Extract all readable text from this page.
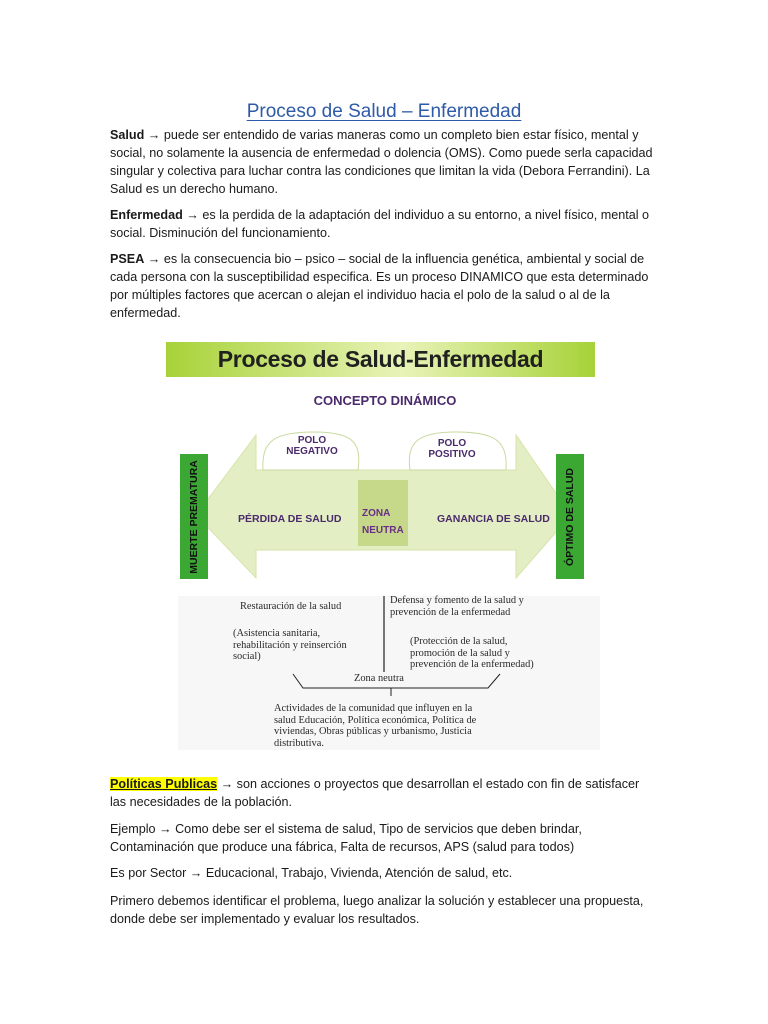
Proceso de Salud – Enfermedad
Salud → puede ser entendido de varias maneras como un completo bien estar físico, mental y social, no solamente la ausencia de enfermedad o dolencia (OMS). Como puede serla capacidad singular y colectiva para luchar contra las condiciones que limitan la vida (Debora Ferrandini). La Salud es un derecho humano.
Enfermedad → es la perdida de la adaptación del individuo a su entorno, a nivel físico, mental o social. Disminución del funcionamiento.
PSEA → es la consecuencia bio – psico – social de la influencia genética, ambiental y social de cada persona con la susceptibilidad especifica. Es un proceso DINAMICO que esta determinado por múltiples factores que acercan o alejan el individuo hacia el polo de la salud o al de la enfermedad.
Proceso de Salud-Enfermedad
CONCEPTO DINÁMICO
MUERTE PREMATURA	ÓPTIMO DE SALUD
POLO
NEGATIVO
POLO
POSITIVO
ZONA
NEUTRA
PÉRDIDA DE SALUD	GANANCIA DE SALUD
Restauración de la salud
(Asistencia sanitaria,
rehabilitación y reinserción
social)
Defensa y fomento de la salud y
prevención de la enfermedad
(Protección de la salud,
promoción de la salud y
prevención de la enfermedad)
Zona neutra
Actividades de la comunidad que influyen en la
salud Educación, Política económica, Política de
viviendas, Obras públicas y urbanismo, Justicia
distributiva.
Políticas Publicas → son acciones o proyectos que desarrollan el estado con fin de satisfacer las necesidades de la población.
Ejemplo → Como debe ser el sistema de salud, Tipo de servicios que deben brindar, Contaminación que produce una fábrica, Falta de recursos, APS (salud para todos)
Es por Sector → Educacional, Trabajo, Vivienda, Atención de salud, etc.
Primero debemos identificar el problema, luego analizar la solución y establecer una propuesta, donde debe ser implementado y evaluar los resultados.
